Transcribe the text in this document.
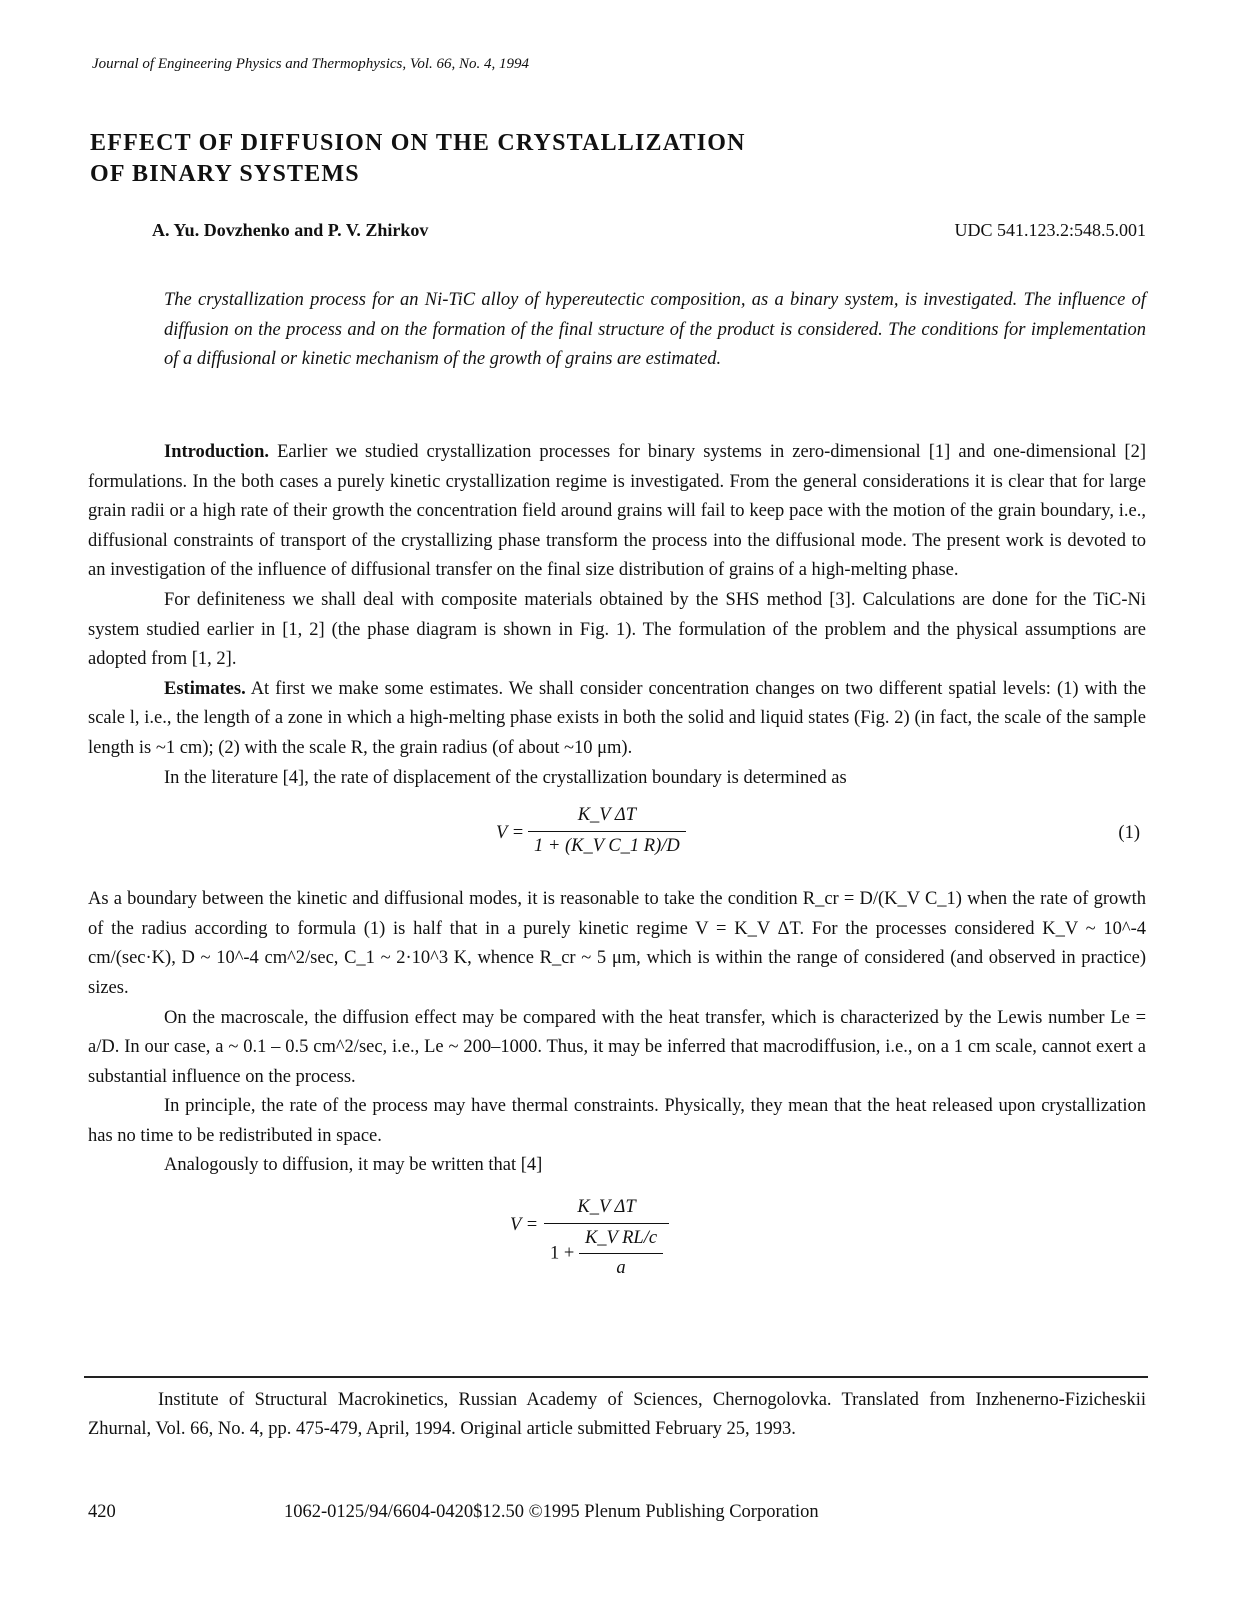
Journal of Engineering Physics and Thermophysics, Vol. 66, No. 4, 1994
EFFECT OF DIFFUSION ON THE CRYSTALLIZATION
OF BINARY SYSTEMS
A. Yu. Dovzhenko and P. V. Zhirkov	UDC 541.123.2:548.5.001
The crystallization process for an Ni-TiC alloy of hypereutectic composition, as a binary system, is investigated. The influence of diffusion on the process and on the formation of the final structure of the product is considered. The conditions for implementation of a diffusional or kinetic mechanism of the growth of grains are estimated.

Introduction. Earlier we studied crystallization processes for binary systems in zero-dimensional [1] and one-dimensional [2] formulations. In the both cases a purely kinetic crystallization regime is investigated. From the general considerations it is clear that for large grain radii or a high rate of their growth the concentration field around grains will fail to keep pace with the motion of the grain boundary, i.e., diffusional constraints of transport of the crystallizing phase transform the process into the diffusional mode. The present work is devoted to an investigation of the influence of diffusional transfer on the final size distribution of grains of a high-melting phase.

For definiteness we shall deal with composite materials obtained by the SHS method [3]. Calculations are done for the TiC-Ni system studied earlier in [1, 2] (the phase diagram is shown in Fig. 1). The formulation of the problem and the physical assumptions are adopted from [1, 2].

Estimates. At first we make some estimates. We shall consider concentration changes on two different spatial levels: (1) with the scale l, i.e., the length of a zone in which a high-melting phase exists in both the solid and liquid states (Fig. 2) (in fact, the scale of the sample length is ~1 cm); (2) with the scale R, the grain radius (of about ~10 μm).

In the literature [4], the rate of displacement of the crystallization boundary is determined as

$V = \frac{\text{K\_V ΔT}}{\text{1 + (K\_V C\_1 R)/D}}$	(1)

As a boundary between the kinetic and diffusional modes, it is reasonable to take the condition R_cr = D/(K_V C_1) when the rate of growth of the radius according to formula (1) is half that in a purely kinetic regime V = K_V ΔT. For the processes considered K_V ~ 10^-4 cm/(sec·K), D ~ 10^-4 cm^2/sec, C_1 ~ 2·10^3 K, whence R_cr ~ 5 μm, which is within the range of considered (and observed in practice) sizes.

On the macroscale, the diffusion effect may be compared with the heat transfer, which is characterized by the Lewis number Le = a/D. In our case, a ~ 0.1 – 0.5 cm^2/sec, i.e., Le ~ 200–1000. Thus, it may be inferred that macrodiffusion, i.e., on a 1 cm scale, cannot exert a substantial influence on the process.

In principle, the rate of the process may have thermal constraints. Physically, they mean that the heat released upon crystallization has no time to be redistributed in space.

Analogously to diffusion, it may be written that [4]

$V = \frac{\text{K\_V ΔT}}{1 + \frac{\text{K\_V RL/c}}{a}}$
Institute of Structural Macrokinetics, Russian Academy of Sciences, Chernogolovka. Translated from Inzhenerno-Fizicheskii Zhurnal, Vol. 66, No. 4, pp. 475-479, April, 1994. Original article submitted February 25, 1993.
420	1062-0125/94/6604-0420$12.50 ©1995 Plenum Publishing Corporation
